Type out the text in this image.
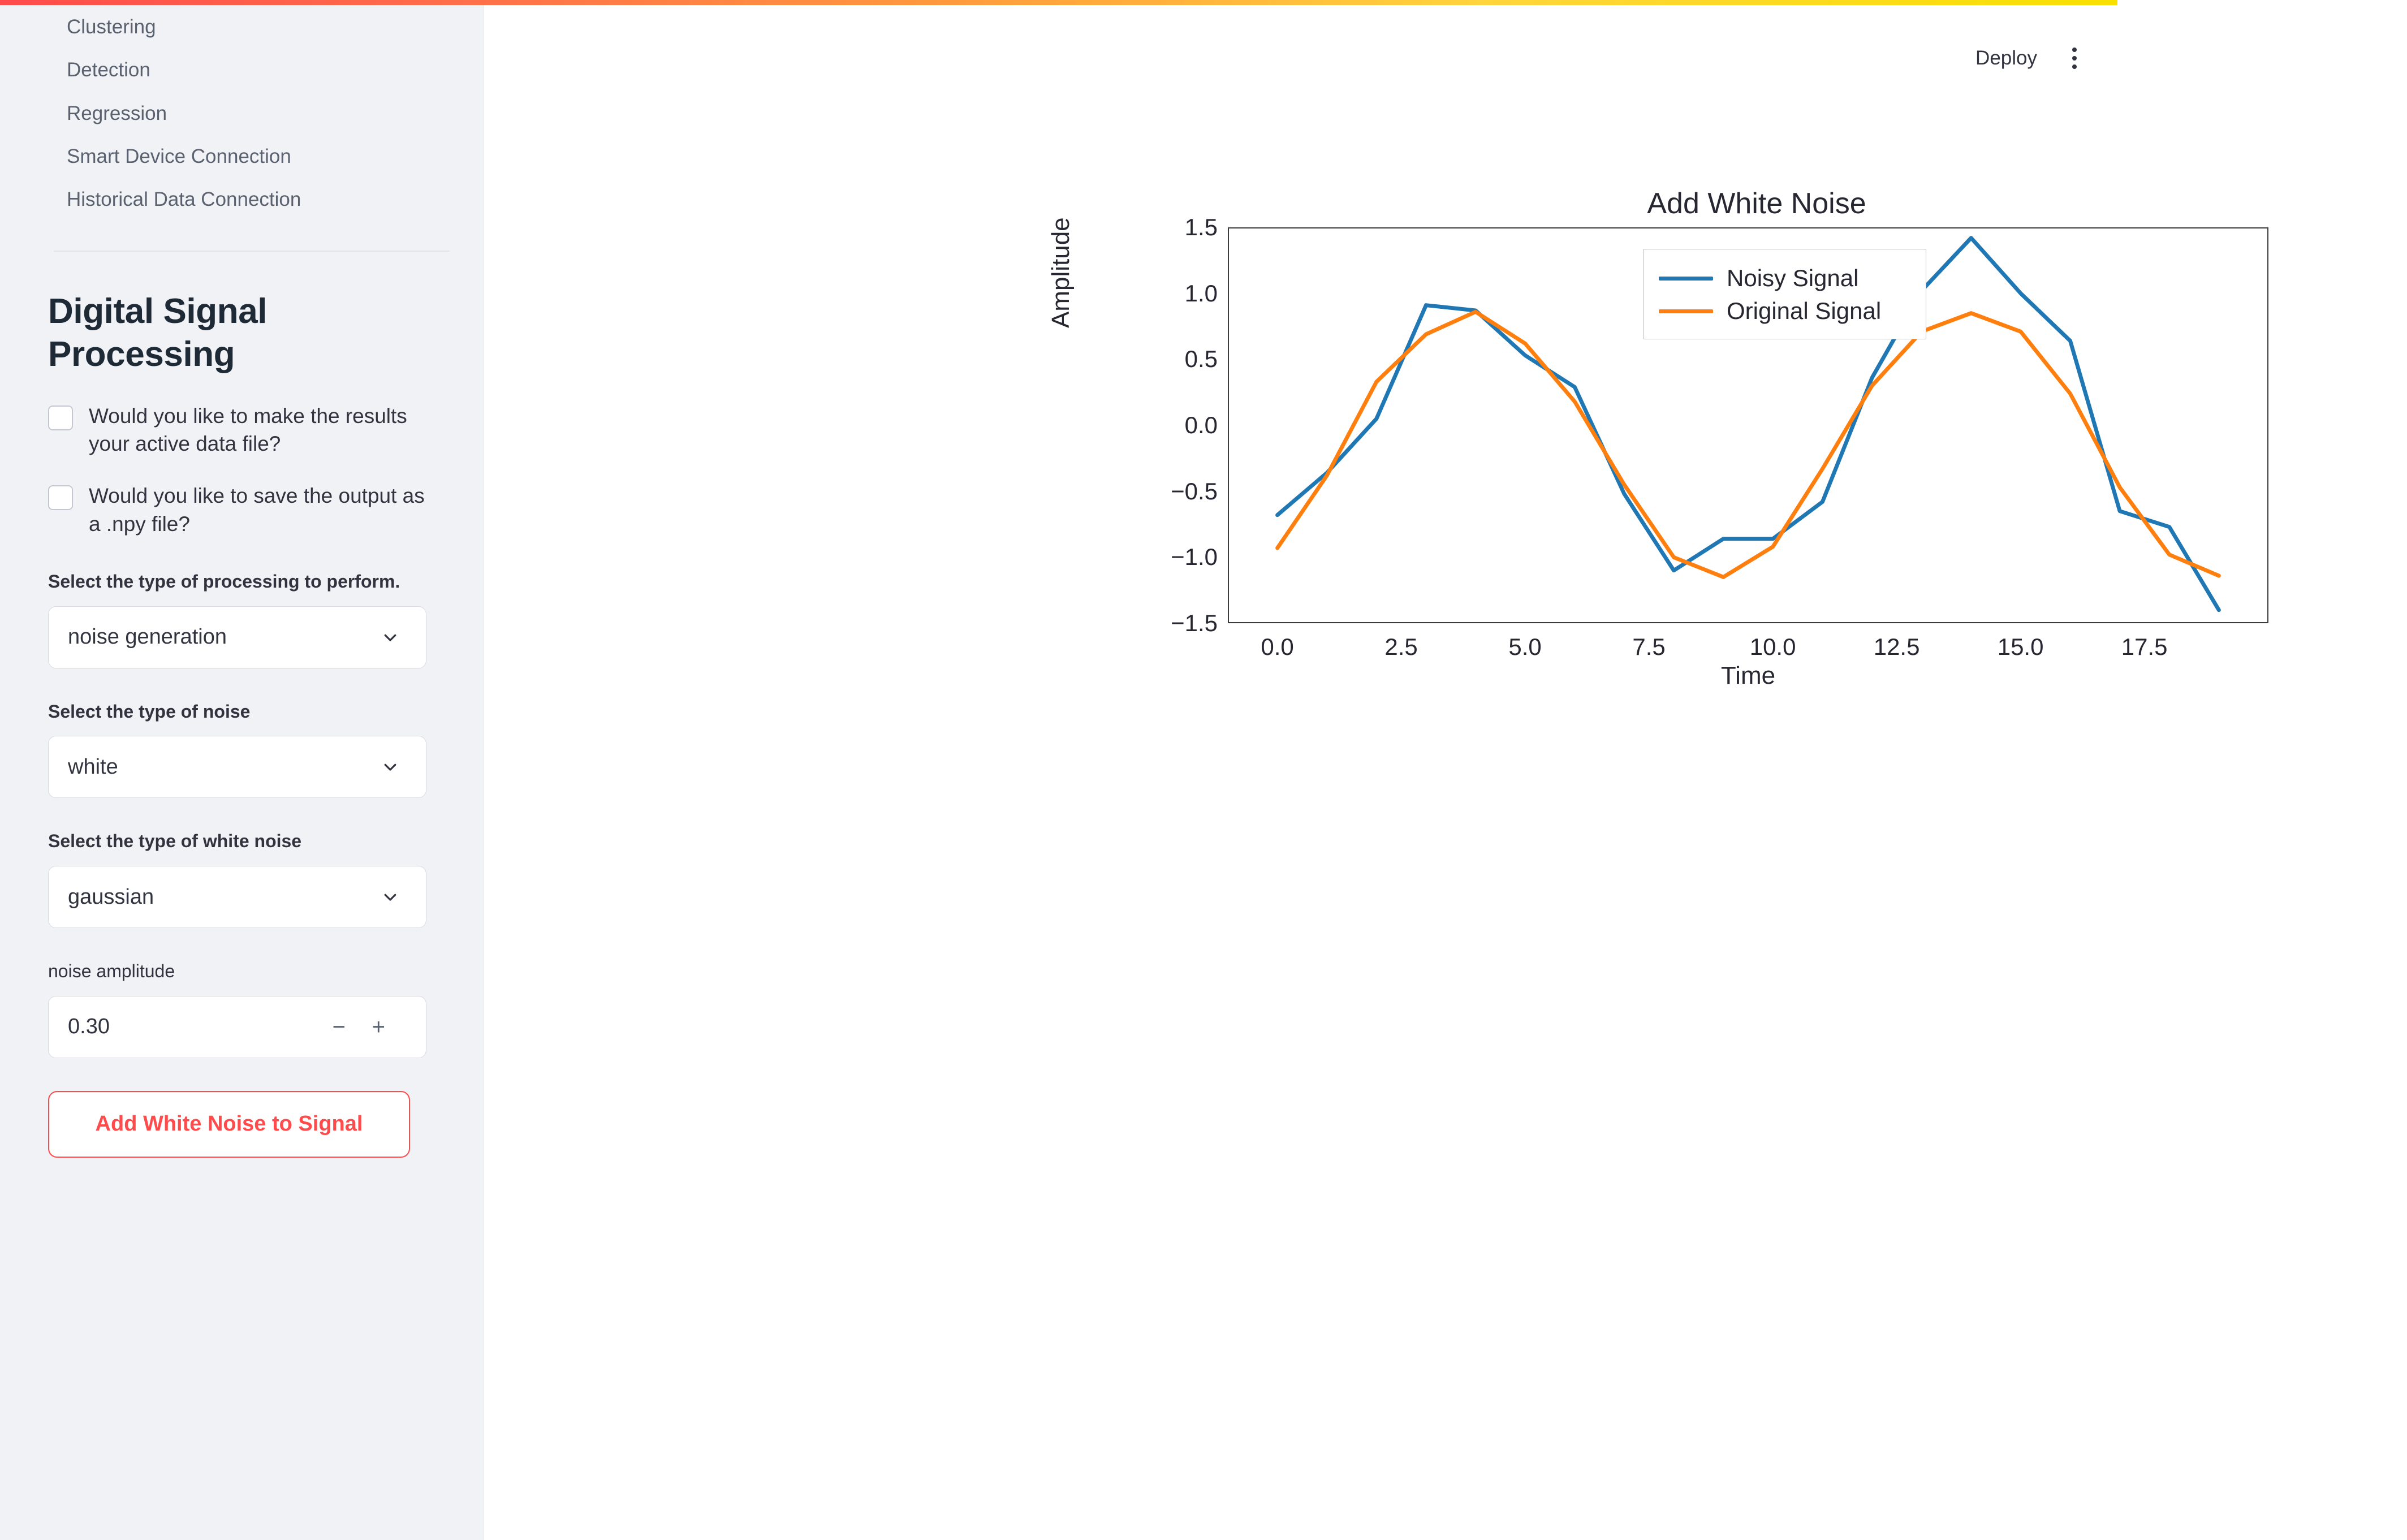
Clustering
Detection
Regression
Smart Device Connection
Historical Data Connection
Digital Signal Processing
Would you like to make the results your active data file?
Would you like to save the output as a .npy file?
Select the type of processing to perform.
noise generation
Select the type of noise
white
Select the type of white noise
gaussian
noise amplitude
0.30	− +
Add White Noise to Signal
Deploy
Add White Noise
1.5
1.0
0.5
0.0
−0.5
−1.0
−1.5
0.0	2.5	5.0	7.5	10.0	12.5	15.0	17.5
Amplitude
Time
Noisy Signal
Original Signal
